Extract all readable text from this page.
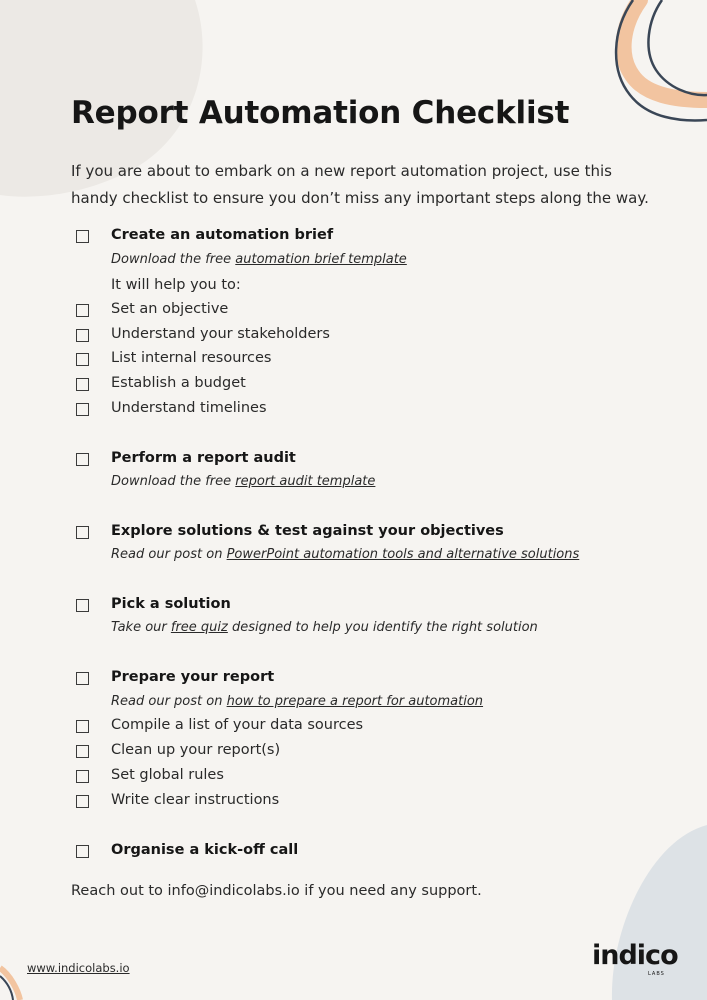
Report Automation Checklist

If you are about to embark on a new report automation project, use this handy checklist to ensure you don’t miss any important steps along the way.

Create an automation brief
Download the free automation brief template
It will help you to:
Set an objective
Understand your stakeholders
List internal resources
Establish a budget
Understand timelines
Perform a report audit
Download the free report audit template
Explore solutions & test against your objectives
Read our post on PowerPoint automation tools and alternative solutions
Pick a solution
Take our free quiz designed to help you identify the right solution
Prepare your report
Read our post on how to prepare a report for automation
Compile a list of your data sources
Clean up your report(s)
Set global rules
Write clear instructions
Organise a kick-off call
Reach out to info@indicolabs.io if you need any support.
www.indicolabs.io	indico
LABS
